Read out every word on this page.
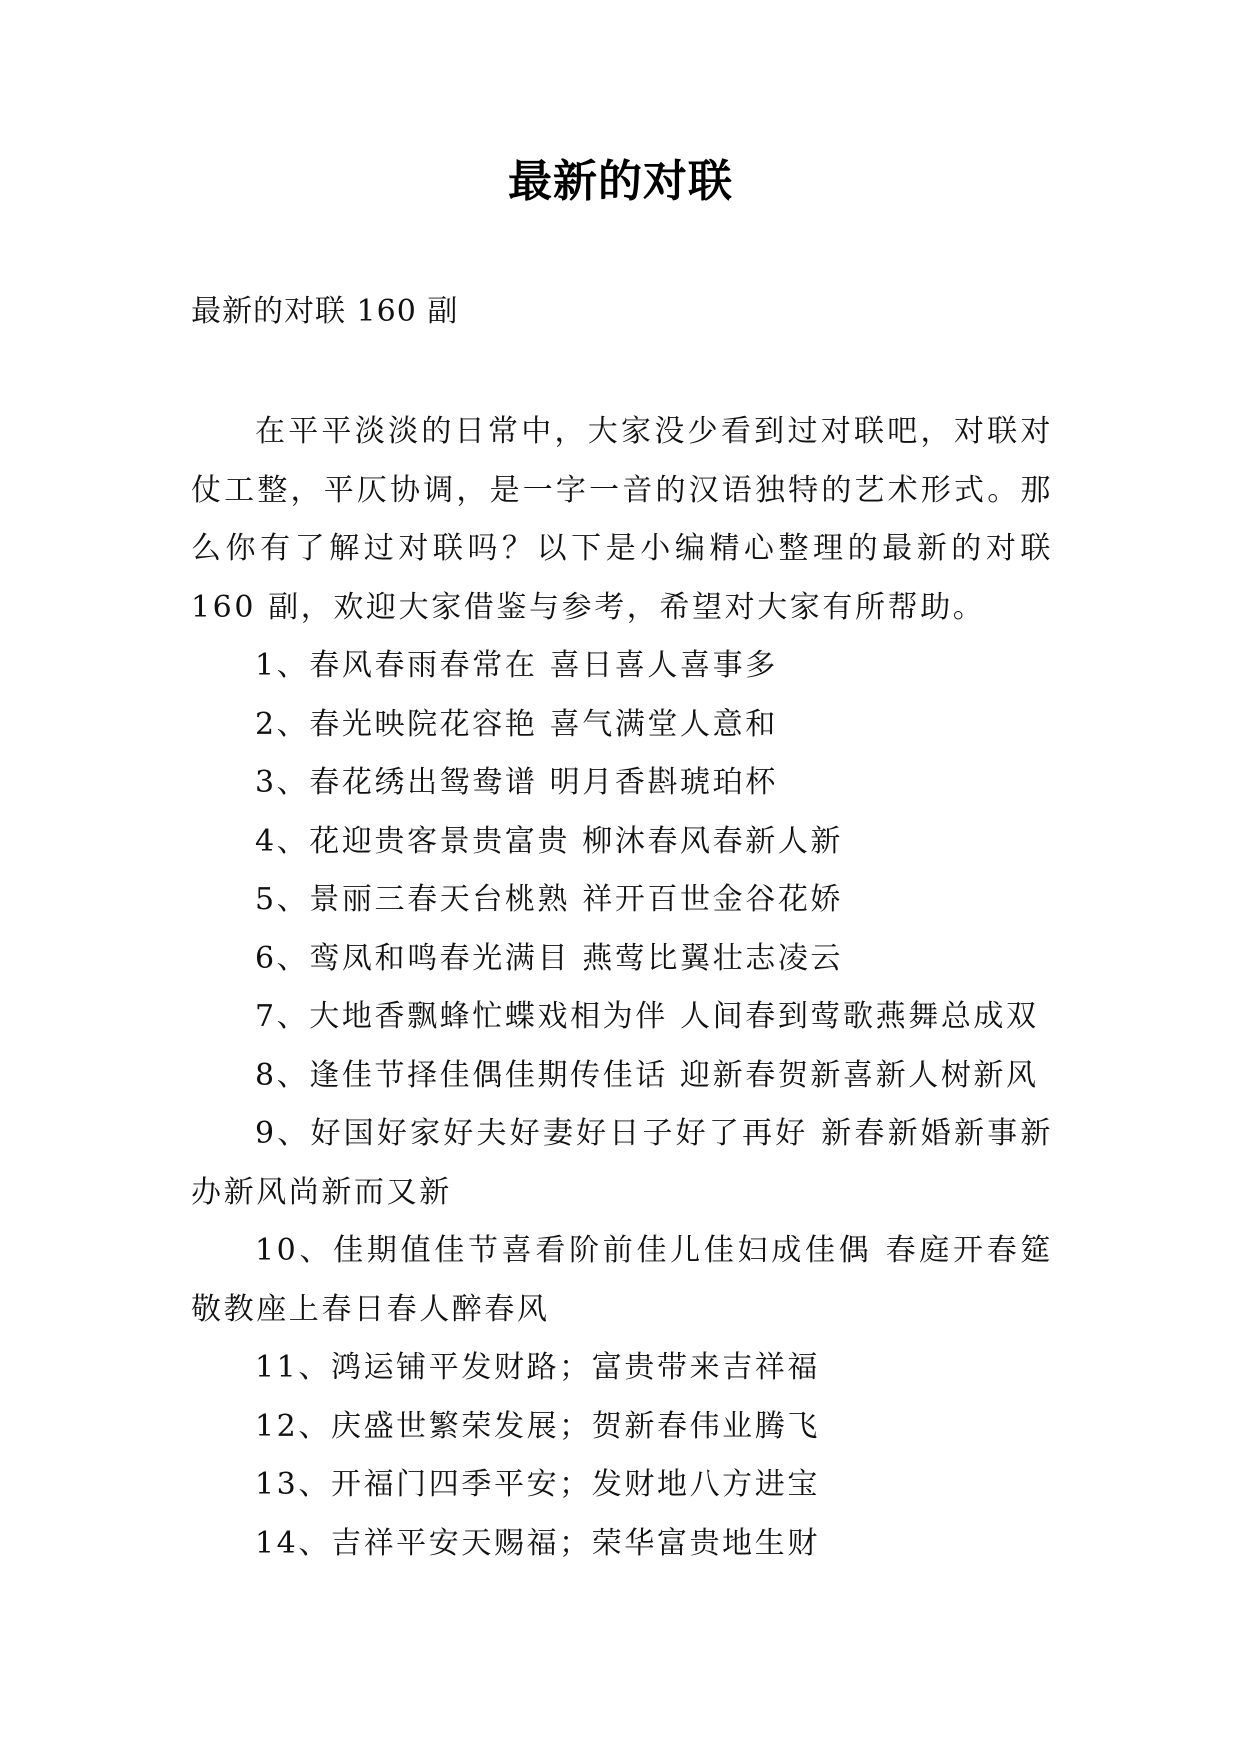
最新的对联
最新的对联 160 副

在平平淡淡的日常中，大家没少看到过对联吧，对联对仗工整，平仄协调，是一字一音的汉语独特的艺术形式。那么你有了解过对联吗？以下是小编精心整理的最新的对联 160 副，欢迎大家借鉴与参考，希望对大家有所帮助。

1、春风春雨春常在 喜日喜人喜事多

2、春光映院花容艳 喜气满堂人意和

3、春花绣出鸳鸯谱 明月香斟琥珀杯

4、花迎贵客景贵富贵 柳沐春风春新人新

5、景丽三春天台桃熟 祥开百世金谷花娇

6、鸾凤和鸣春光满目 燕莺比翼壮志凌云

7、大地香飘蜂忙蝶戏相为伴 人间春到莺歌燕舞总成双

8、逢佳节择佳偶佳期传佳话 迎新春贺新喜新人树新风

9、好国好家好夫好妻好日子好了再好 新春新婚新事新办新风尚新而又新

10、佳期值佳节喜看阶前佳儿佳妇成佳偶 春庭开春筵敬教座上春日春人醉春风

11、鸿运铺平发财路；富贵带来吉祥福

12、庆盛世繁荣发展；贺新春伟业腾飞

13、开福门四季平安；发财地八方进宝

14、吉祥平安天赐福；荣华富贵地生财
